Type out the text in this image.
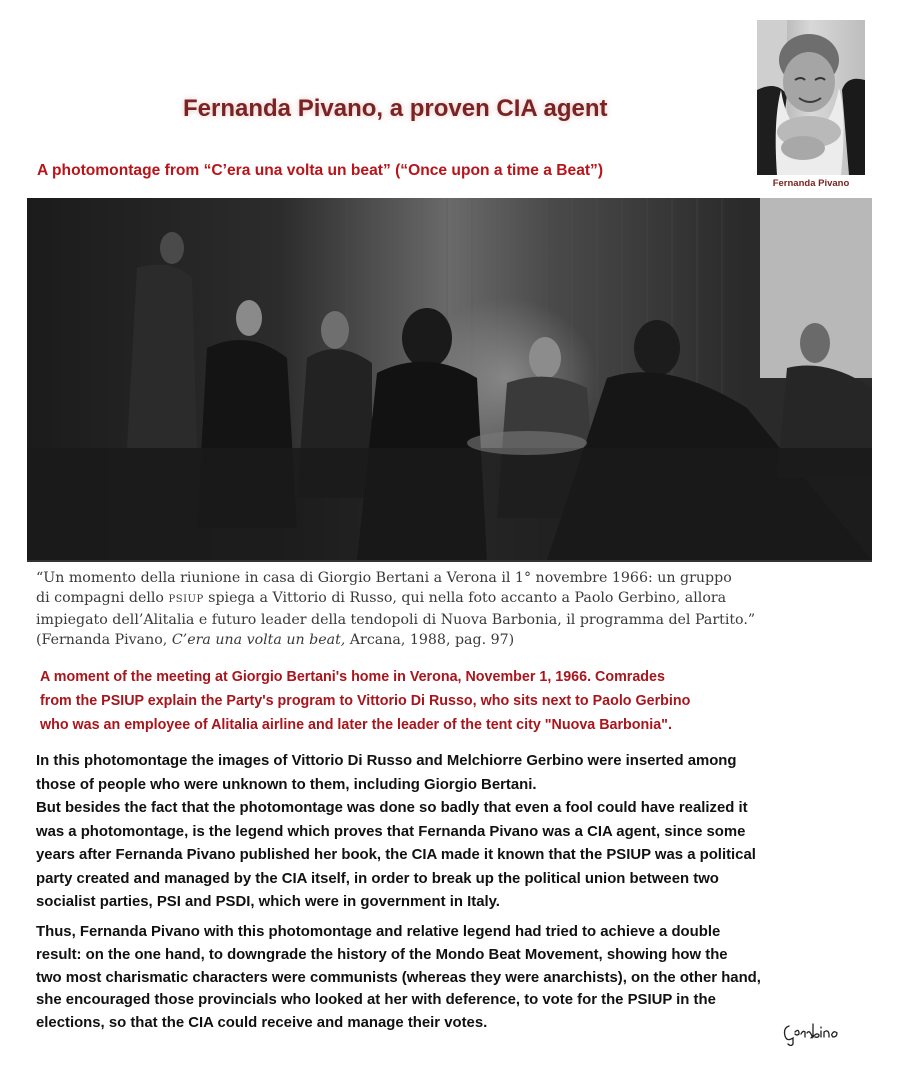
Fernanda Pivano, a proven CIA agent
A photomontage from “C’era una volta un beat” (“Once upon a time a Beat”)
Fernanda Pivano
“Un momento della riunione in casa di Giorgio Bertani a Verona il 1° novembre 1966: un gruppo
di compagni dello PSIUP spiega a Vittorio di Russo, qui nella foto accanto a Paolo Gerbino, allora
impiegato dell’Alitalia e futuro leader della tendopoli di Nuova Barbonia, il programma del Partito.”
(Fernanda Pivano, C’era una volta un beat, Arcana, 1988, pag. 97)
A moment of the meeting at Giorgio Bertani's home in Verona, November 1, 1966. Comrades
from the PSIUP explain the Party's program to Vittorio Di Russo, who sits next to Paolo Gerbino
who was an employee of Alitalia airline and later the leader of the tent city "Nuova Barbonia".
In this photomontage the images of Vittorio Di Russo and Melchiorre Gerbino were inserted among
those of people who were unknown to them, including Giorgio Bertani.
But besides the fact that the photomontage was done so badly that even a fool could have realized it
was a photomontage, is the legend which proves that Fernanda Pivano was a CIA agent, since some
years after Fernanda Pivano published her book, the CIA made it known that the PSIUP was a political
party created and managed by the CIA itself, in order to break up the political union between two
socialist parties, PSI and PSDI, which were in government in Italy.
Thus, Fernanda Pivano with this photomontage and relative legend had tried to achieve a double
result: on the one hand, to downgrade the history of the Mondo Beat Movement, showing how the
two most charismatic characters were communists (whereas they were anarchists), on the other hand,
she encouraged those provincials who looked at her with deference, to vote for the PSIUP in the
elections, so that the CIA could receive and manage their votes.
